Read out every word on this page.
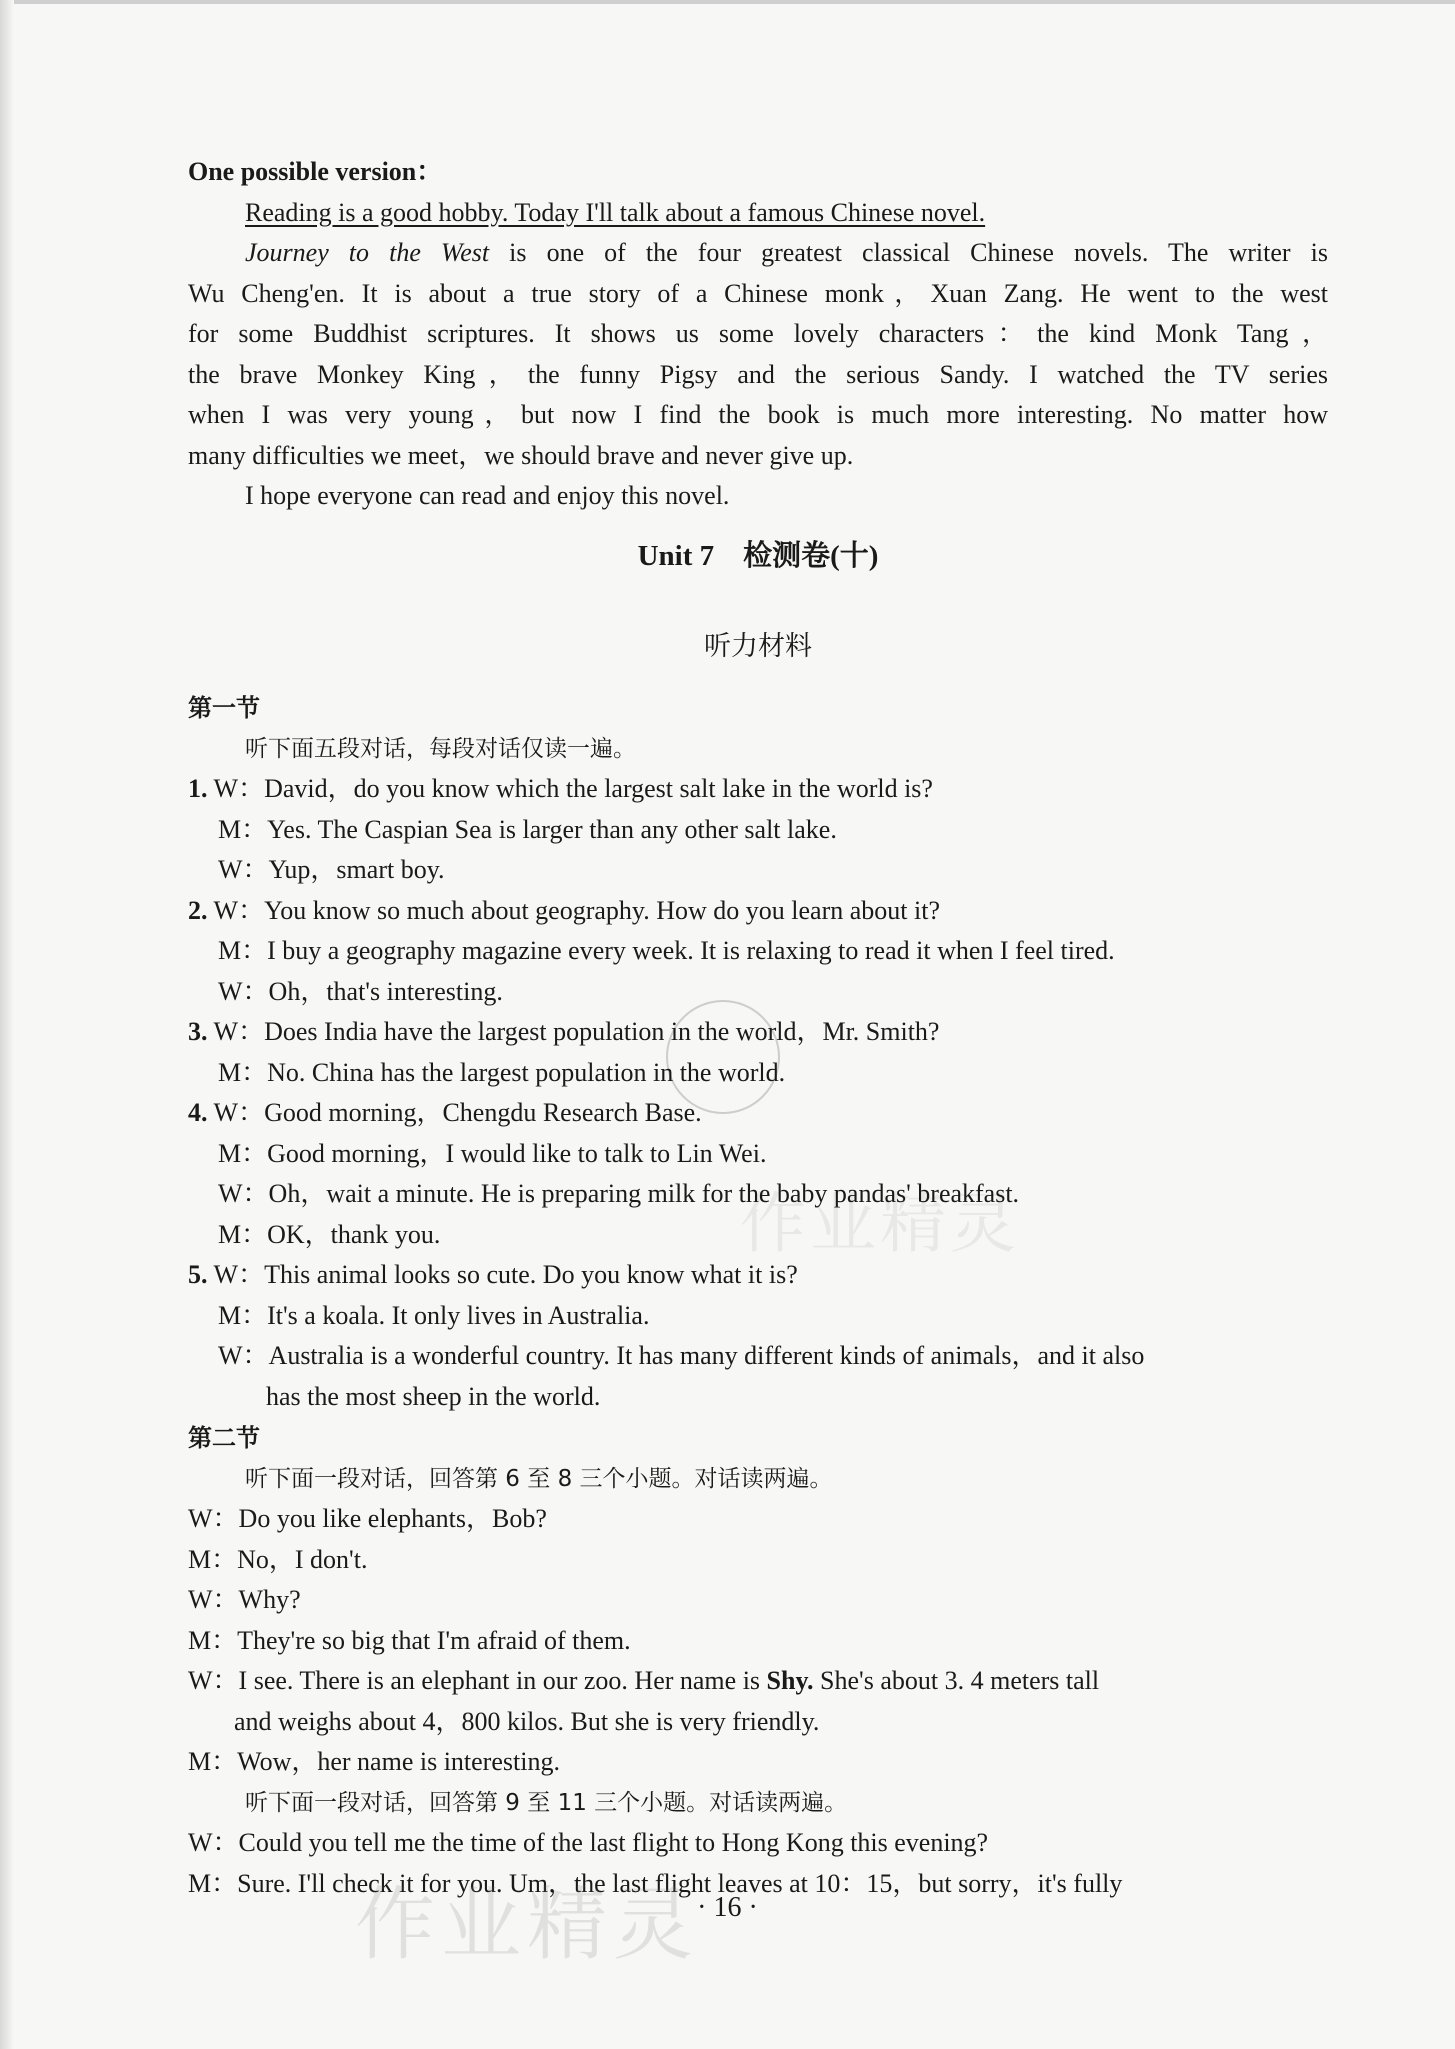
作业精灵
One possible version：
Reading is a good hobby. Today I'll talk about a famous Chinese novel.
Journey to the West is one of the four greatest classical Chinese novels. The writer is
Wu Cheng'en. It is about a true story of a Chinese monk，Xuan Zang. He went to the west
for some Buddhist scriptures. It shows us some lovely characters：the kind Monk Tang，
the brave Monkey King，the funny Pigsy and the serious Sandy. I watched the TV series
when I was very young，but now I find the book is much more interesting. No matter how
many difficulties we meet，we should brave and never give up.
I hope everyone can read and enjoy this novel.
Unit 7　检测卷(十)
听力材料
第一节
听下面五段对话，每段对话仅读一遍。
1. W：David，do you know which the largest salt lake in the world is?
M：Yes. The Caspian Sea is larger than any other salt lake.
W：Yup，smart boy.
2. W：You know so much about geography. How do you learn about it?
M：I buy a geography magazine every week. It is relaxing to read it when I feel tired.
W：Oh，that's interesting.
3. W：Does India have the largest population in the world，Mr. Smith?
M：No. China has the largest population in the world.
4. W：Good morning，Chengdu Research Base.
M：Good morning，I would like to talk to Lin Wei.
W：Oh，wait a minute. He is preparing milk for the baby pandas' breakfast.
M：OK，thank you.
5. W：This animal looks so cute. Do you know what it is?
M：It's a koala. It only lives in Australia.
W：Australia is a wonderful country. It has many different kinds of animals，and it also
has the most sheep in the world.
第二节
听下面一段对话，回答第 6 至 8 三个小题。对话读两遍。
W：Do you like elephants，Bob?
M：No，I don't.
W：Why?
M：They're so big that I'm afraid of them.
W：I see. There is an elephant in our zoo. Her name is Shy. She's about 3. 4 meters tall
and weighs about 4，800 kilos. But she is very friendly.
M：Wow，her name is interesting.
听下面一段对话，回答第 9 至 11 三个小题。对话读两遍。
W：Could you tell me the time of the last flight to Hong Kong this evening?
M：Sure. I'll check it for you. Um，the last flight leaves at 10：15，but sorry，it's fully
作业精灵
· 16 ·
